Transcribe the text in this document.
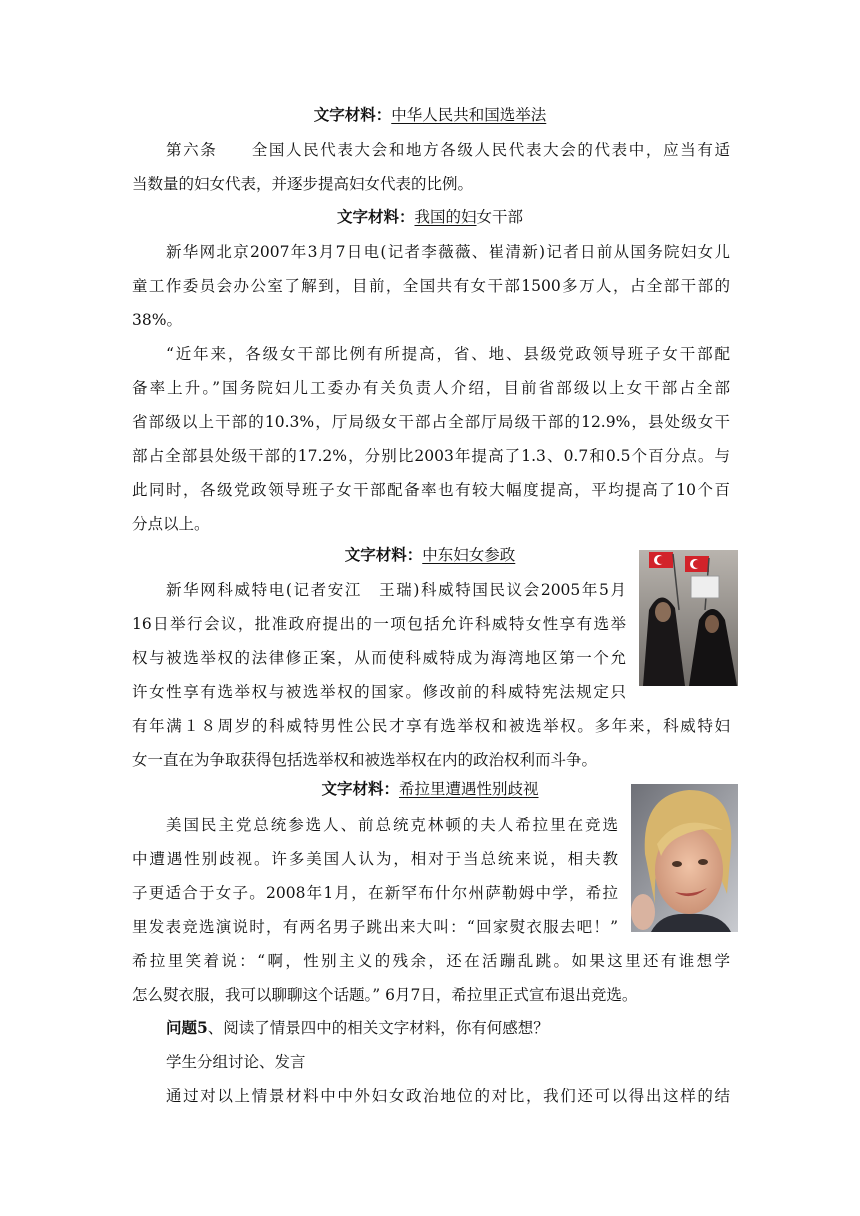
文字材料：中华人民共和国选举法
第六条　　全国人民代表大会和地方各级人民代表大会的代表中，应当有适
当数量的妇女代表，并逐步提高妇女代表的比例。
文字材料：我国的妇女干部
新华网北京2007年3月7日电(记者李薇薇、崔清新)记者日前从国务院妇女儿
童工作委员会办公室了解到，目前，全国共有女干部1500多万人，占全部干部的
38%。
“近年来，各级女干部比例有所提高，省、地、县级党政领导班子女干部配
备率上升。”国务院妇儿工委办有关负责人介绍，目前省部级以上女干部占全部
省部级以上干部的10.3%，厅局级女干部占全部厅局级干部的12.9%，县处级女干
部占全部县处级干部的17.2%，分别比2003年提高了1.3、0.7和0.5个百分点。与
此同时，各级党政领导班子女干部配备率也有较大幅度提高，平均提高了10个百
分点以上。
文字材料：中东妇女参政
新华网科威特电(记者安江　王瑞)科威特国民议会2005年5月
16日举行会议，批准政府提出的一项包括允许科威特女性享有选举
权与被选举权的法律修正案，从而使科威特成为海湾地区第一个允
许女性享有选举权与被选举权的国家。修改前的科威特宪法规定只
有年满１８周岁的科威特男性公民才享有选举权和被选举权。多年来，科威特妇
女一直在为争取获得包括选举权和被选举权在内的政治权利而斗争。
文字材料：希拉里遭遇性别歧视
美国民主党总统参选人、前总统克林顿的夫人希拉里在竞选
中遭遇性别歧视。许多美国人认为，相对于当总统来说，相夫教
子更适合于女子。2008年1月，在新罕布什尔州萨勒姆中学，希拉
里发表竞选演说时，有两名男子跳出来大叫：“回家熨衣服去吧！”
希拉里笑着说：“啊，性别主义的残余，还在活蹦乱跳。如果这里还有谁想学
怎么熨衣服，我可以聊聊这个话题。” 6月7日，希拉里正式宣布退出竞选。
问题5、阅读了情景四中的相关文字材料，你有何感想？
学生分组讨论、发言
通过对以上情景材料中中外妇女政治地位的对比，我们还可以得出这样的结
